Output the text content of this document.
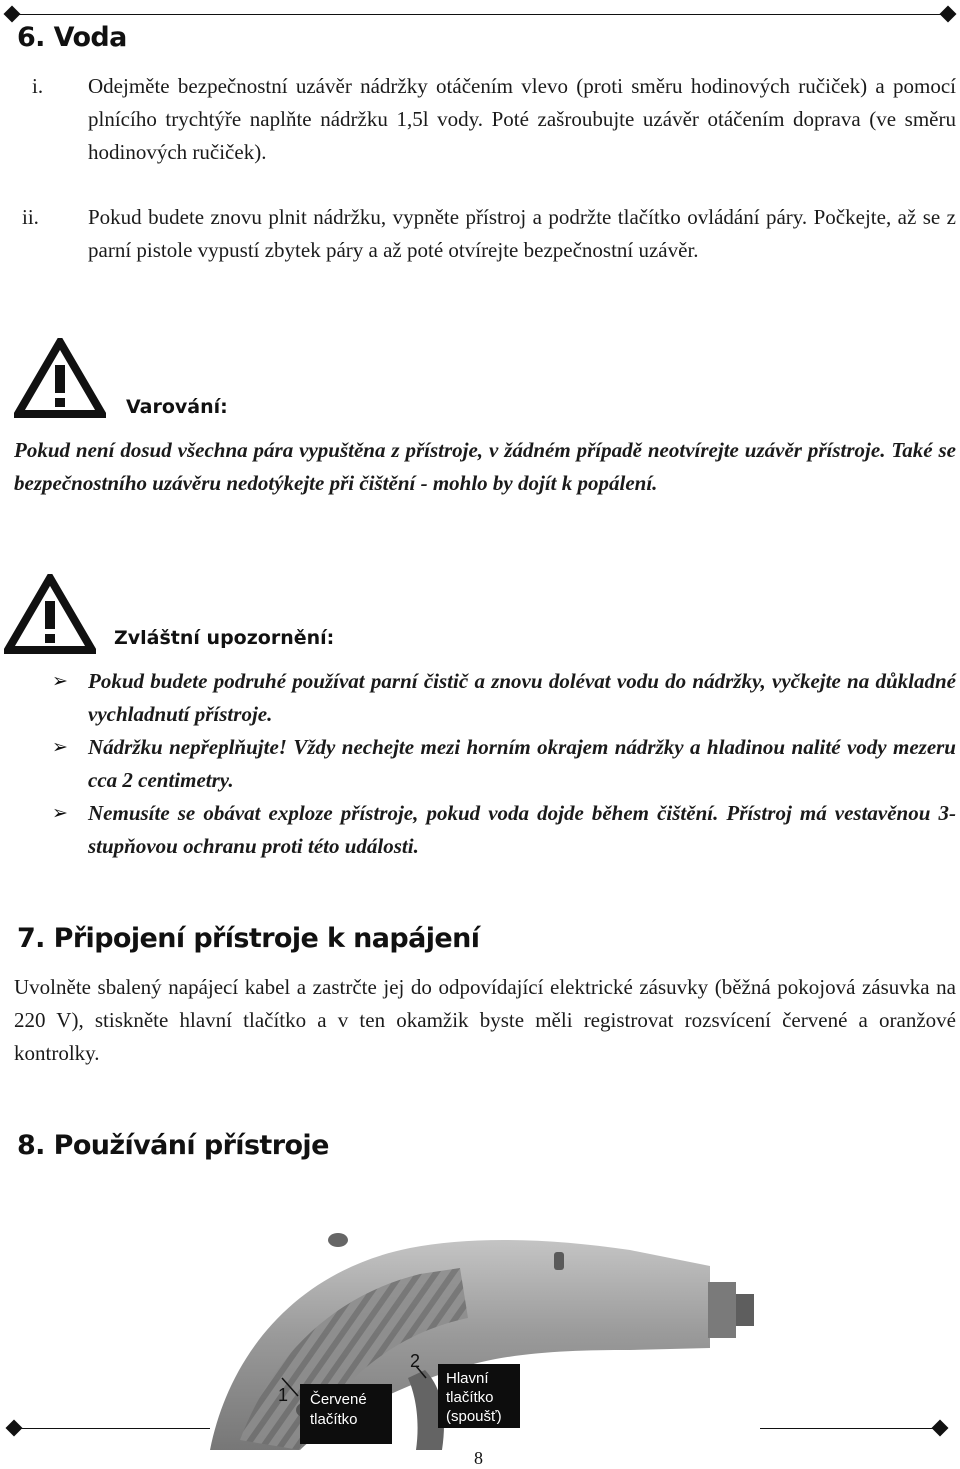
6. Voda
i. Odejměte bezpečnostní uzávěr nádržky otáčením vlevo (proti směru hodinových ručiček) a pomocí plnícího trychtýře naplňte nádržku 1,5l vody. Poté zašroubujte uzávěr otáčením doprava (ve směru hodinových ručiček).

ii. Pokud budete znovu plnit nádržku, vypněte přístroj a podržte tlačítko ovládání páry. Počkejte, až se z parní pistole vypustí zbytek páry a až poté otvírejte bezpečnostní uzávěr.

Varování:

Pokud není dosud všechna pára vypuštěna z přístroje, v žádném případě neotvírejte uzávěr přístroje. Také se bezpečnostního uzávěru nedotýkejte při čištění - mohlo by dojít k popálení.

Zvláštní upozornění:
➢ Pokud budete podruhé používat parní čistič a znovu dolévat vodu do nádržky, vyčkejte na důkladné vychladnutí přístroje.

➢ Nádržku nepřeplňujte! Vždy nechejte mezi horním okrajem nádržky a hladinou nalité vody mezeru cca 2 centimetry.

➢ Nemusíte se obávat exploze přístroje, pokud voda dojde během čištění. Přístroj má vestavěnou 3-stupňovou ochranu proti této události.

7. Připojení přístroje k napájení

Uvolněte sbalený napájecí kabel a zastrčte jej do odpovídající elektrické zásuvky (běžná pokojová zásuvka na 220 V), stiskněte hlavní tlačítko a v ten okamžik byste měli registrovat rozsvícení červené a oranžové kontrolky.

8. Používání přístroje
1
2
Červené tlačítko
Hlavní tlačítko (spoušť)
8
